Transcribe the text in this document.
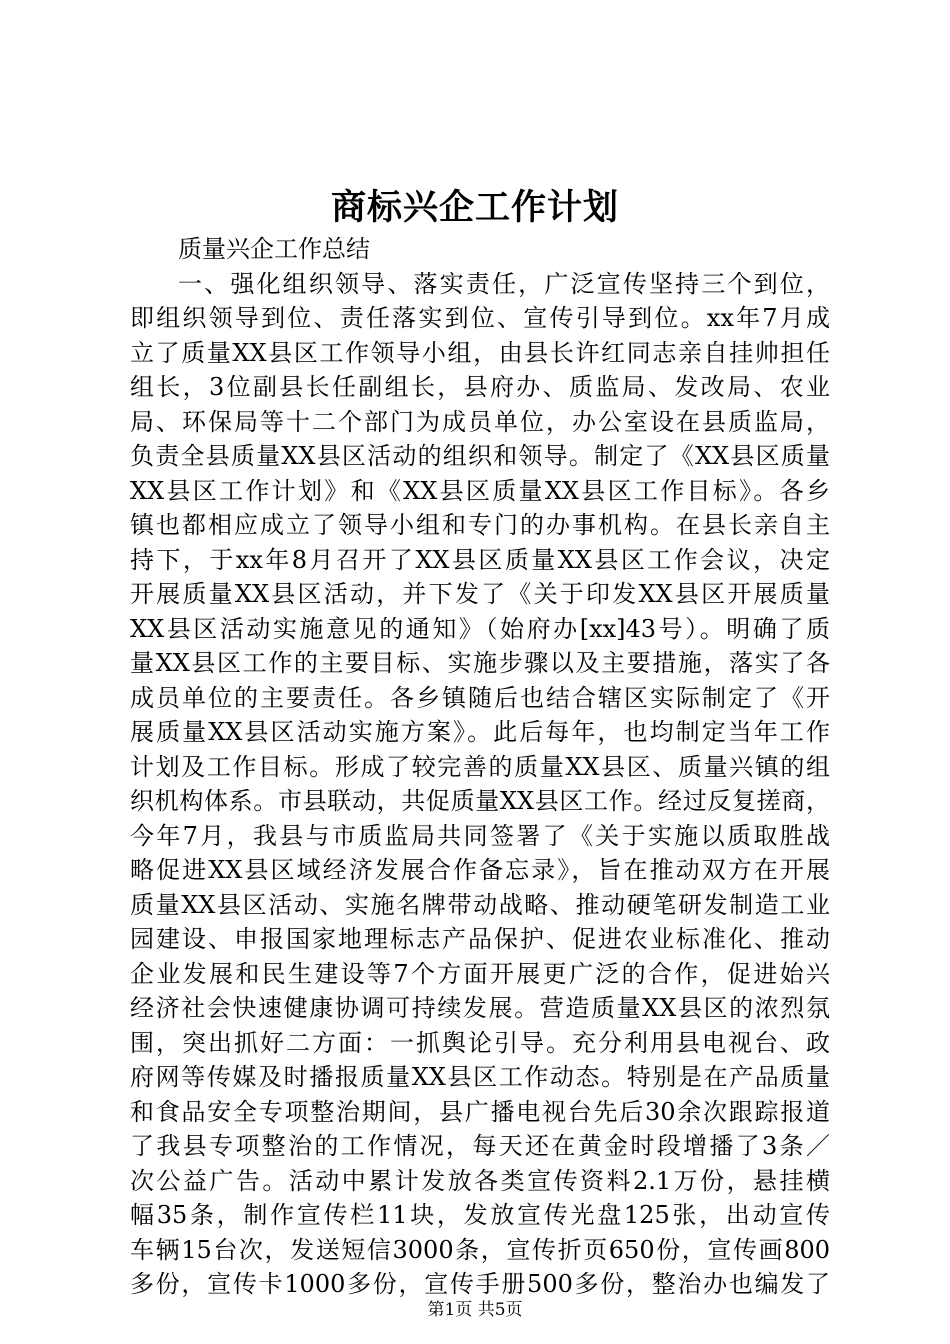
商标兴企工作计划
质量兴企工作总结
一、强化组织领导、落实责任，广泛宣传坚持三个到位，
即组织领导到位、责任落实到位、宣传引导到位。xx年7月成
立了质量XX县区工作领导小组，由县长许红同志亲自挂帅担任
组长，3位副县长任副组长，县府办、质监局、发改局、农业
局、环保局等十二个部门为成员单位，办公室设在县质监局，
负责全县质量XX县区活动的组织和领导。制定了《XX县区质量
XX县区工作计划》和《XX县区质量XX县区工作目标》。各乡
镇也都相应成立了领导小组和专门的办事机构。在县长亲自主
持下，于xx年8月召开了XX县区质量XX县区工作会议，决定
开展质量XX县区活动，并下发了《关于印发XX县区开展质量
XX县区活动实施意见的通知》（始府办[xx]43号）。明确了质
量XX县区工作的主要目标、实施步骤以及主要措施，落实了各
成员单位的主要责任。各乡镇随后也结合辖区实际制定了《开
展质量XX县区活动实施方案》。此后每年，也均制定当年工作
计划及工作目标。形成了较完善的质量XX县区、质量兴镇的组
织机构体系。市县联动，共促质量XX县区工作。经过反复搓商，
今年7月，我县与市质监局共同签署了《关于实施以质取胜战
略促进XX县区域经济发展合作备忘录》，旨在推动双方在开展
质量XX县区活动、实施名牌带动战略、推动硬笔研发制造工业
园建设、申报国家地理标志产品保护、促进农业标准化、推动
企业发展和民生建设等7个方面开展更广泛的合作，促进始兴
经济社会快速健康协调可持续发展。营造质量XX县区的浓烈氛
围，突出抓好二方面：一抓舆论引导。充分利用县电视台、政
府网等传媒及时播报质量XX县区工作动态。特别是在产品质量
和食品安全专项整治期间，县广播电视台先后30余次跟踪报道
了我县专项整治的工作情况，每天还在黄金时段增播了3条／
次公益广告。活动中累计发放各类宣传资料2.1万份，悬挂横
幅35条，制作宣传栏11块，发放宣传光盘125张，出动宣传
车辆15台次，发送短信3000条，宣传折页650份，宣传画800
多份，宣传卡1000多份，宣传手册500多份，整治办也编发了
第1页 共5页
